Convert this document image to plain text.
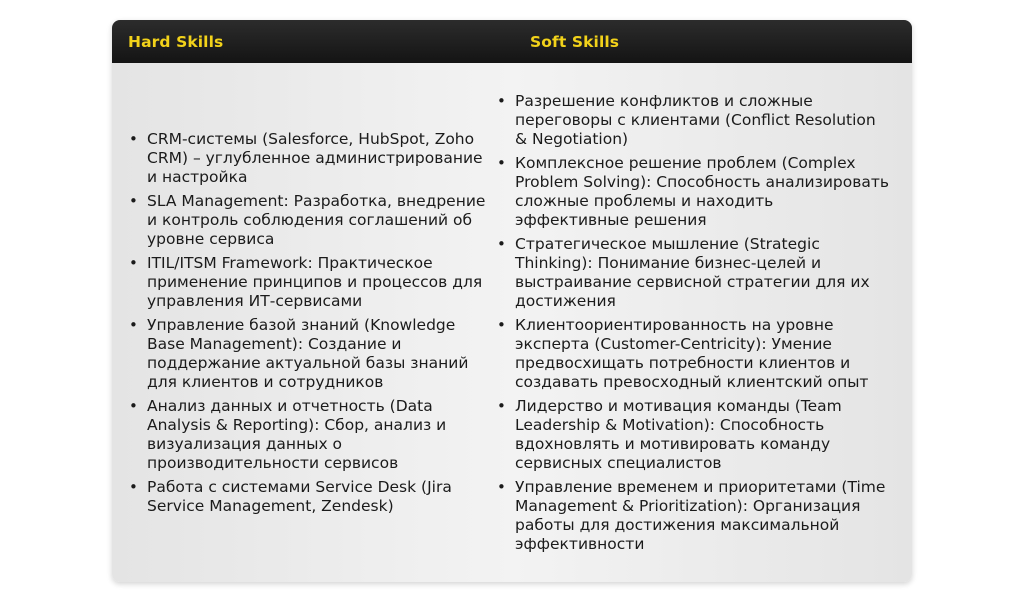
Hard Skills	Soft Skills
• CRM-системы (Salesforce, HubSpot, Zoho CRM) – углубленное администрирование и настройка
• SLA Management: Разработка, внедрение и контроль соблюдения соглашений об уровне сервиса
• ITIL/ITSM Framework: Практическое применение принципов и процессов для управления ИТ-сервисами
• Управление базой знаний (Knowledge Base Management): Создание и поддержание актуальной базы знаний для клиентов и сотрудников
• Анализ данных и отчетность (Data Analysis & Reporting): Сбор, анализ и визуализация данных о производительности сервисов
• Работа с системами Service Desk (Jira Service Management, Zendesk)
• Разрешение конфликтов и сложные переговоры с клиентами (Conflict Resolution & Negotiation)
• Комплексное решение проблем (Complex Problem Solving): Способность анализировать сложные проблемы и находить эффективные решения
• Стратегическое мышление (Strategic Thinking): Понимание бизнес-целей и выстраивание сервисной стратегии для их достижения
• Клиентоориентированность на уровне эксперта (Customer-Centricity): Умение предвосхищать потребности клиентов и создавать превосходный клиентский опыт
• Лидерство и мотивация команды (Team Leadership & Motivation): Способность вдохновлять и мотивировать команду сервисных специалистов
• Управление временем и приоритетами (Time Management & Prioritization): Организация работы для достижения максимальной эффективности
